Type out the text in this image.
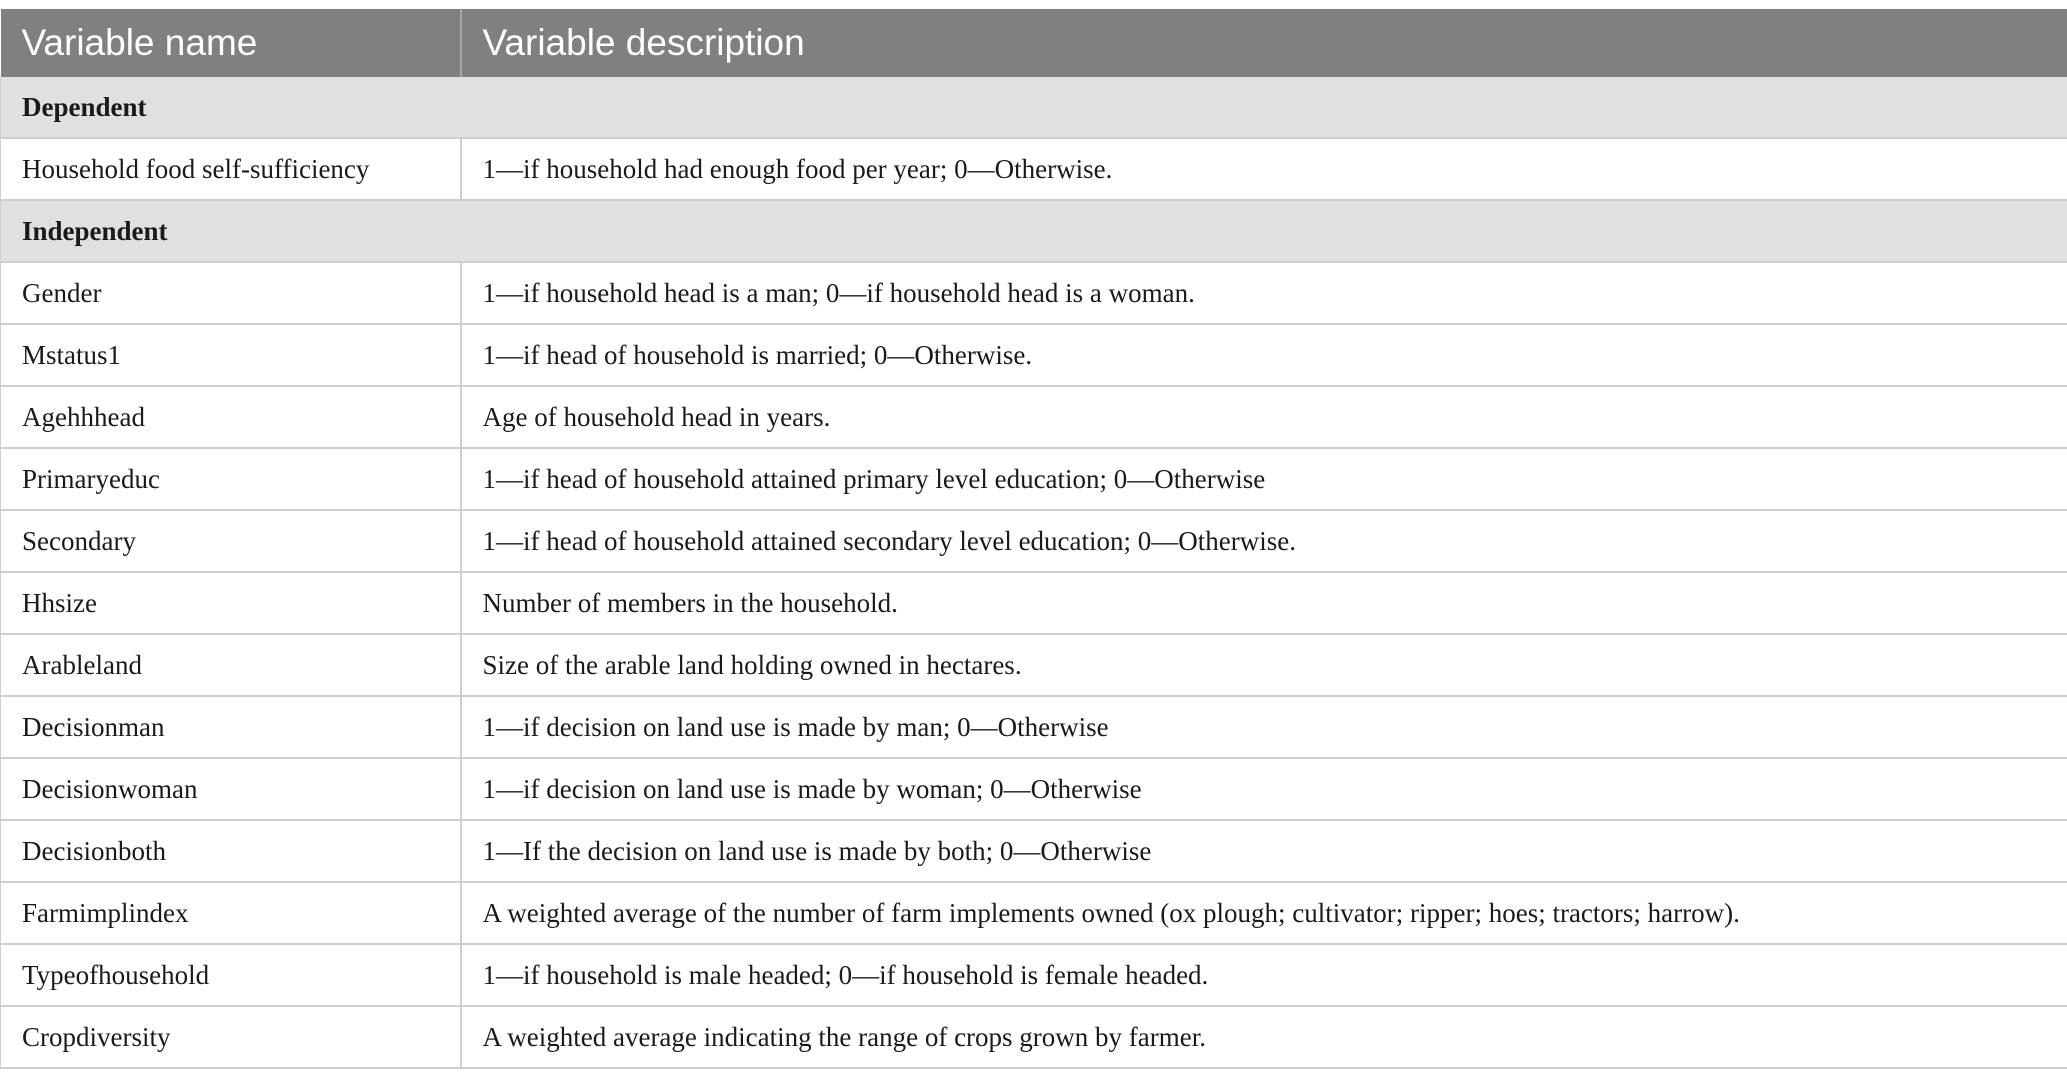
Variable name	Variable description
Dependent	
Household food self-sufficiency	1—if household had enough food per year; 0—Otherwise.
Independent	
Gender	1—if household head is a man; 0—if household head is a woman.
Mstatus1	1—if head of household is married; 0—Otherwise.
Agehhhead	Age of household head in years.
Primaryeduc	1—if head of household attained primary level education; 0—Otherwise
Secondary	1—if head of household attained secondary level education; 0—Otherwise.
Hhsize	Number of members in the household.
Arableland	Size of the arable land holding owned in hectares.
Decisionman	1—if decision on land use is made by man; 0—Otherwise
Decisionwoman	1—if decision on land use is made by woman; 0—Otherwise
Decisionboth	1—If the decision on land use is made by both; 0—Otherwise
Farmimplindex	A weighted average of the number of farm implements owned (ox plough; cultivator; ripper; hoes; tractors; harrow).
Typeofhousehold	1—if household is male headed; 0—if household is female headed.
Cropdiversity	A weighted average indicating the range of crops grown by farmer.
